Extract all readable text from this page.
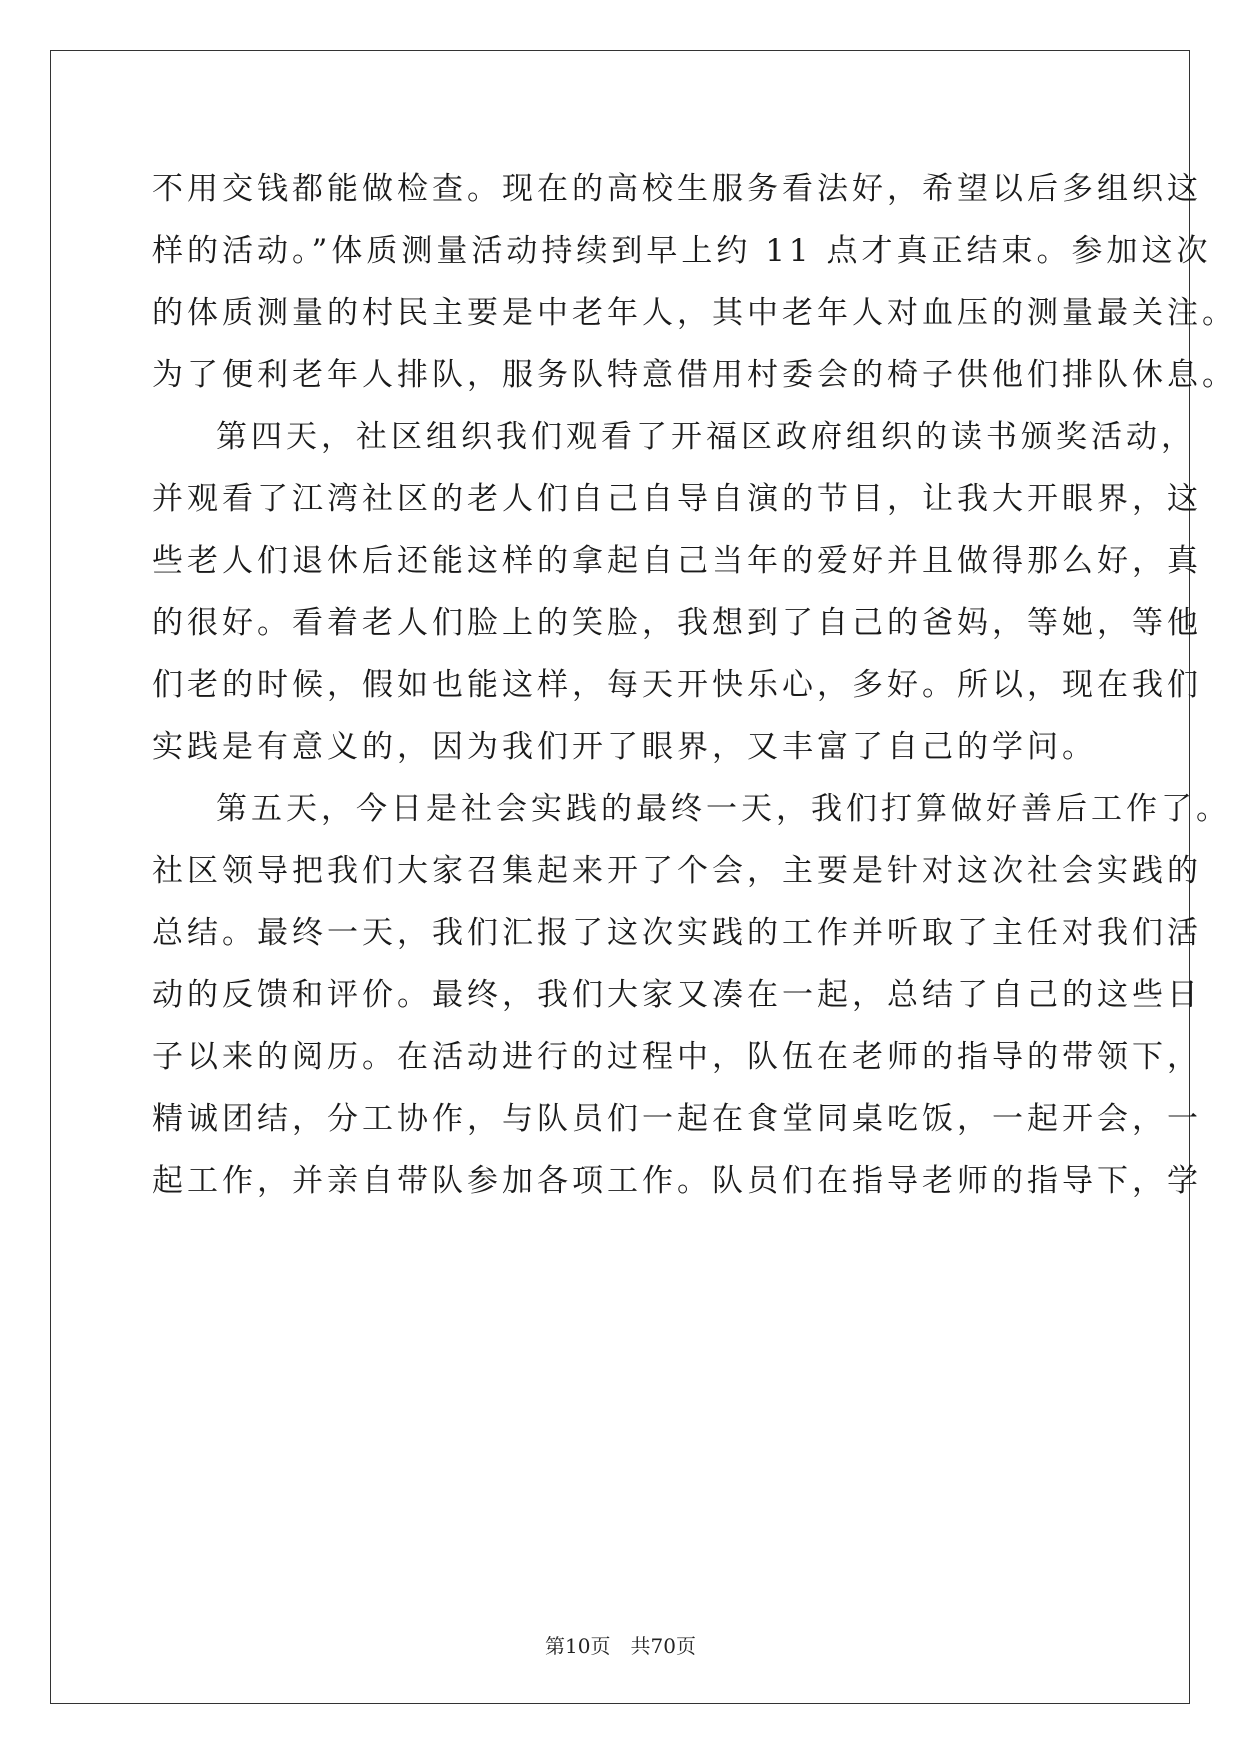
不用交钱都能做检查。现在的高校生服务看法好，希望以后多组织这

样的活动。”体质测量活动持续到早上约 11 点才真正结束。参加这次

的体质测量的村民主要是中老年人，其中老年人对血压的测量最关注。

为了便利老年人排队，服务队特意借用村委会的椅子供他们排队休息。

第四天，社区组织我们观看了开福区政府组织的读书颁奖活动，

并观看了江湾社区的老人们自己自导自演的节目，让我大开眼界，这

些老人们退休后还能这样的拿起自己当年的爱好并且做得那么好，真

的很好。看着老人们脸上的笑脸，我想到了自己的爸妈，等她，等他

们老的时候，假如也能这样，每天开快乐心，多好。所以，现在我们

实践是有意义的，因为我们开了眼界，又丰富了自己的学问。

第五天，今日是社会实践的最终一天，我们打算做好善后工作了。

社区领导把我们大家召集起来开了个会，主要是针对这次社会实践的

总结。最终一天，我们汇报了这次实践的工作并听取了主任对我们活

动的反馈和评价。最终，我们大家又凑在一起，总结了自己的这些日

子以来的阅历。在活动进行的过程中，队伍在老师的指导的带领下，

精诚团结，分工协作，与队员们一起在食堂同桌吃饭，一起开会，一

起工作，并亲自带队参加各项工作。队员们在指导老师的指导下，学

第10页　共70页
